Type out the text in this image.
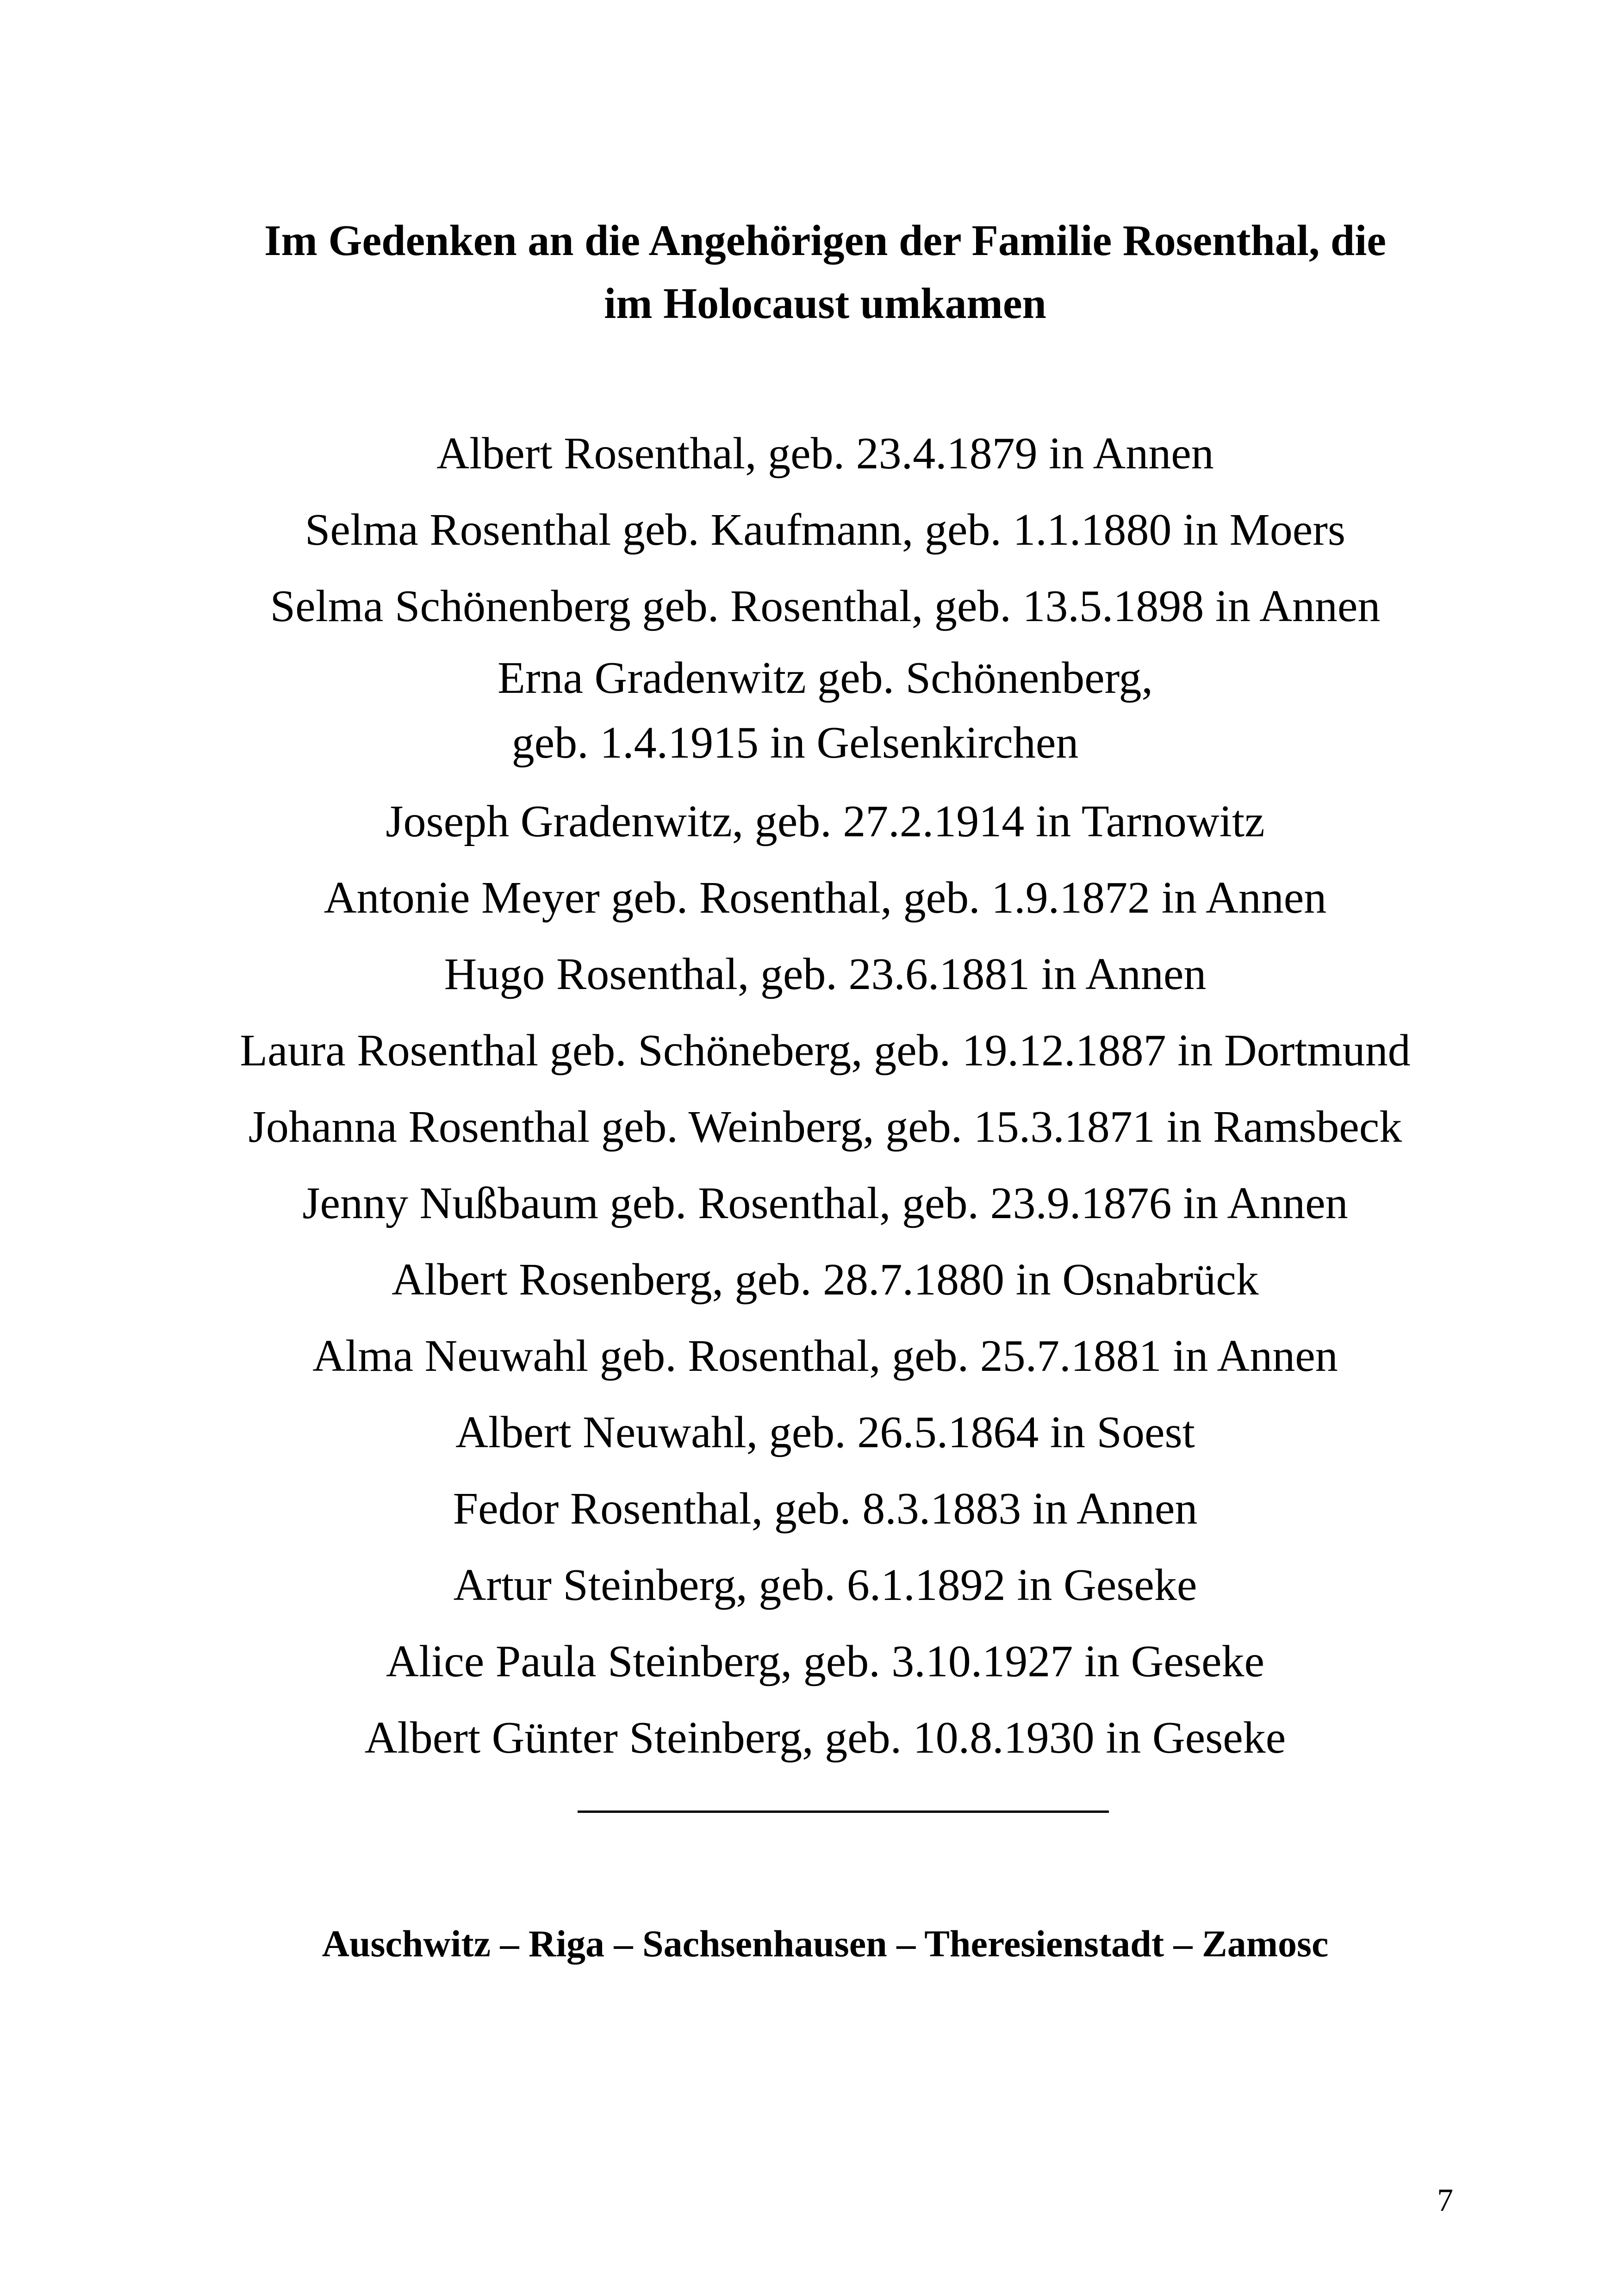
Im Gedenken an die Angehörigen der Familie Rosenthal, die
im Holocaust umkamen
Albert Rosenthal, geb. 23.4.1879 in Annen
Selma Rosenthal geb. Kaufmann, geb. 1.1.1880 in Moers
Selma Schönenberg geb. Rosenthal, geb. 13.5.1898 in Annen
Erna Gradenwitz geb. Schönenberg,
geb. 1.4.1915 in Gelsenkirchen
Joseph Gradenwitz, geb. 27.2.1914 in Tarnowitz
Antonie Meyer geb. Rosenthal, geb. 1.9.1872 in Annen
Hugo Rosenthal, geb. 23.6.1881 in Annen
Laura Rosenthal geb. Schöneberg, geb. 19.12.1887 in Dortmund
Johanna Rosenthal geb. Weinberg, geb. 15.3.1871 in Ramsbeck
Jenny Nußbaum geb. Rosenthal, geb. 23.9.1876 in Annen
Albert Rosenberg, geb. 28.7.1880 in Osnabrück
Alma Neuwahl geb. Rosenthal, geb. 25.7.1881 in Annen
Albert Neuwahl, geb. 26.5.1864 in Soest
Fedor Rosenthal, geb. 8.3.1883 in Annen
Artur Steinberg, geb. 6.1.1892 in Geseke
Alice Paula Steinberg, geb. 3.10.1927 in Geseke
Albert Günter Steinberg, geb. 10.8.1930 in Geseke
Auschwitz – Riga – Sachsenhausen – Theresienstadt – Zamosc
7
